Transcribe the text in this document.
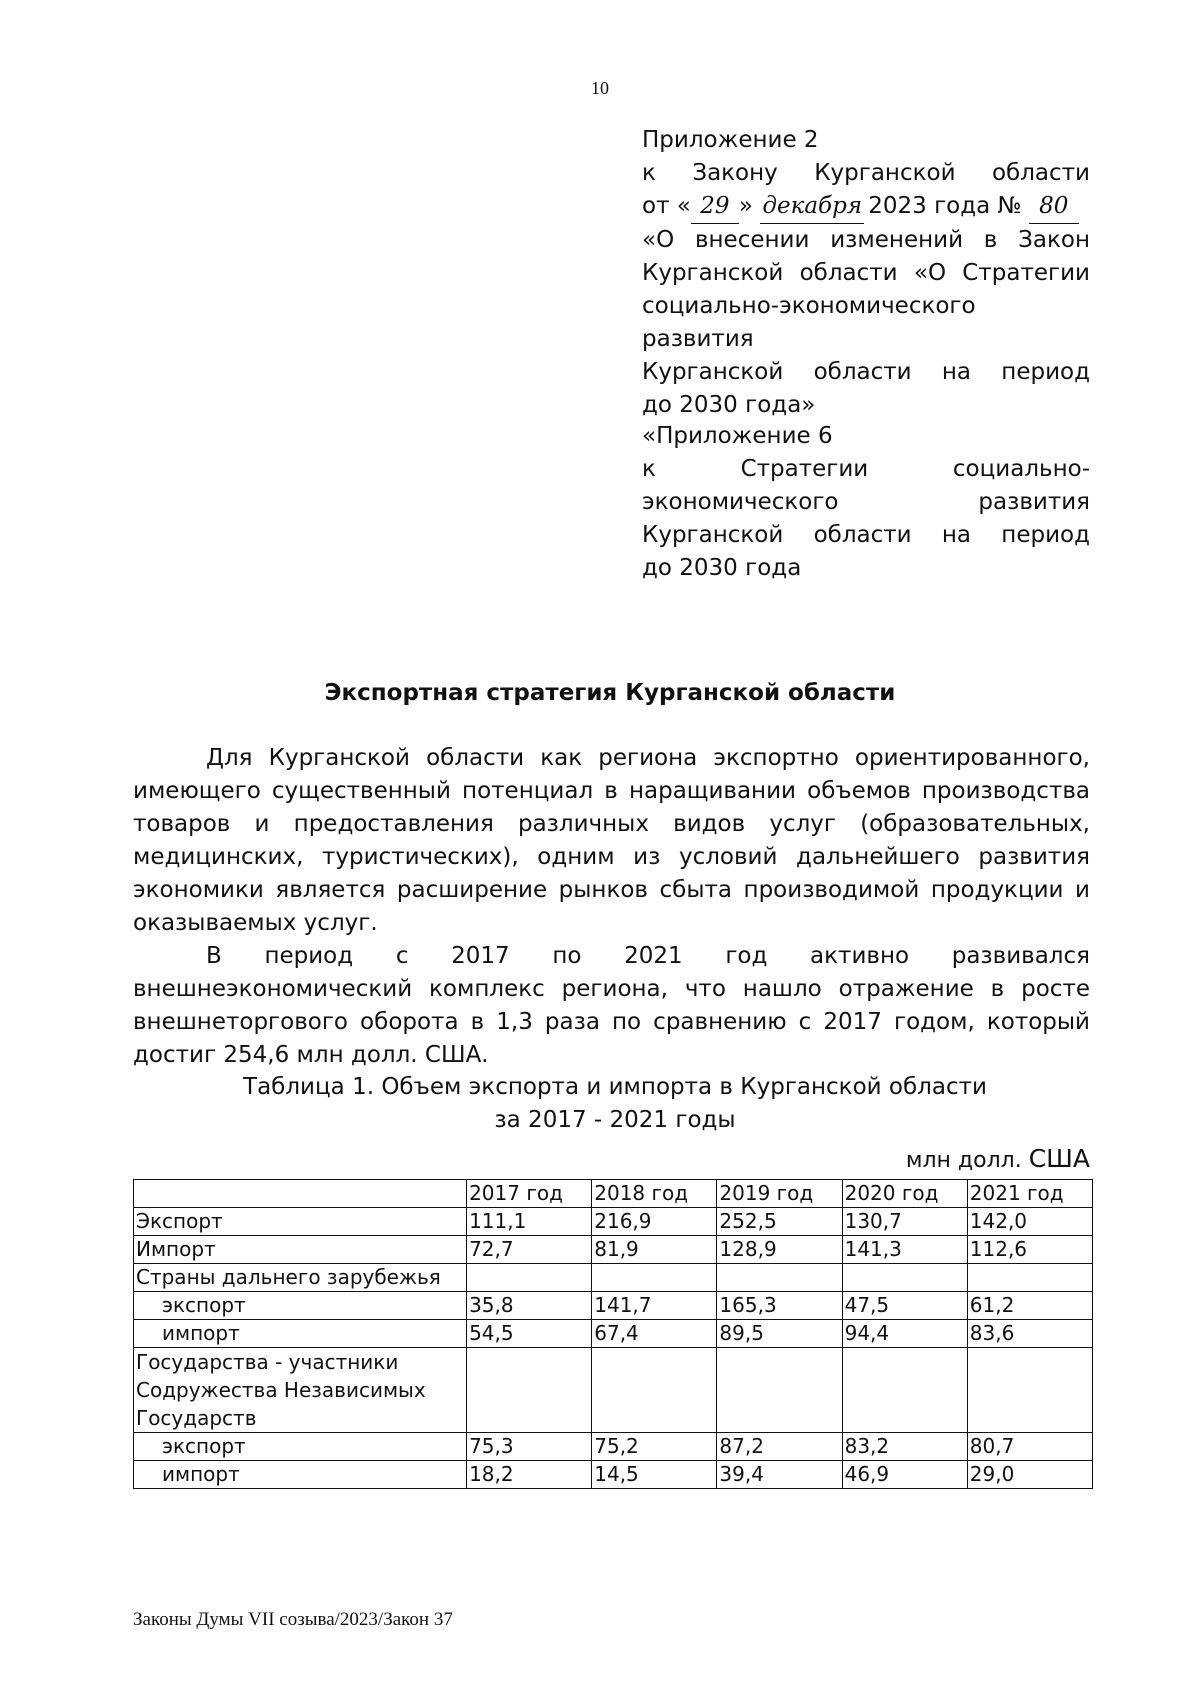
10
Приложение 2
к Закону Курганской области
от « 29 » декабря 2023 года № 80
«О внесении изменений в Закон
Курганской области «О Стратегии
социально-экономического развития
Курганской области на период
до 2030 года»
«Приложение 6
к Стратегии социально-
экономического развития
Курганской области на период
до 2030 года
Экспортная стратегия Курганской области

Для Курганской области как региона экспортно ориентированного, имеющего существенный потенциал в наращивании объемов производства товаров и предоставления различных видов услуг (образовательных, медицинских, туристических), одним из условий дальнейшего развития экономики является расширение рынков сбыта производимой продукции и оказываемых услуг.

В период с 2017 по 2021 год активно развивался внешнеэкономический комплекс региона, что нашло отражение в росте внешнеторгового оборота в 1,3 раза по сравнению с 2017 годом, который достиг 254,6 млн долл. США.

Таблица 1. Объем экспорта и импорта в Курганской области
за 2017 - 2021 годы
млн долл. США
	2017 год	2018 год	2019 год	2020 год	2021 год
Экспорт	111,1	216,9	252,5	130,7	142,0
Импорт	72,7	81,9	128,9	141,3	112,6
Страны дальнего зарубежья					
экспорт	35,8	141,7	165,3	47,5	61,2
импорт	54,5	67,4	89,5	94,4	83,6

Государства - участники
Содружества Независимых
Государств					

экспорт	75,3	75,2	87,2	83,2	80,7
импорт	18,2	14,5	39,4	46,9	29,0
Законы Думы VII созыва/2023/Закон 37
